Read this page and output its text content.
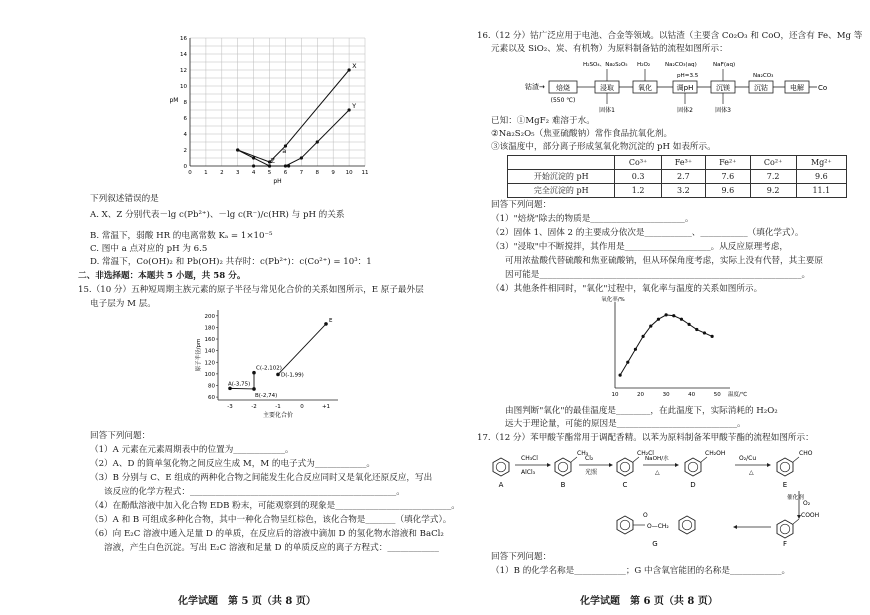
0 1 2 3 4 5 6 7 8 9 10 11
0
2
4
6
8
10
12
14
16
pH
pM
X
Y
Z
a
下列叙述错误的是
A. X、Z 分别代表－lg c(Pb²⁺)、－lg c(R⁻)/c(HR) 与 pH 的关系
B. 常温下，弱酸 HR 的电离常数 Kₐ = 1×10⁻⁵
C. 图中 a 点对应的 pH 为 6.5
D. 常温下，Co(OH)₂ 和 Pb(OH)₂ 共存时：c(Pb²⁺)：c(Co²⁺) = 10³：1
二、非选择题：本题共 5 小题，共 58 分。
15.（10 分）五种短周期主族元素的原子半径与常见化合价的关系如图所示，E 原子最外层
电子层为 M 层。
-3	-2	-1	0	+1
60
80
100
120
140
160
180
200
主要化合价
原子半径/pm
A(-3,75)
B(-2,74)
C(-2,102)
D(-1,99)
E
回答下列问题：
（1）A 元素在元素周期表中的位置为____________。
（2）A、D 的简单氢化物之间反应生成 M，M 的电子式为____________。
（3）B 分别与 C、E 组成的两种化合物之间能发生化合反应同时又是氧化还原反应，写出
该反应的化学方程式：________________________________________________。
（4）在酚酞溶液中加入化合物 EDB 粉末，可能观察到的现象是___________________________。
（5）A 和 B 可组成多种化合物，其中一种化合物呈红棕色，该化合物是_______（填化学式）。
（6）向 E₂C 溶液中通入足量 D 的单质，在反应后的溶液中滴加 D 的氢化物水溶液和 BaCl₂
溶液，产生白色沉淀。写出 E₂C 溶液和足量 D 的单质反应的离子方程式：____________
化学试题　第 5 页（共 8 页）
16.（12 分）钴广泛应用于电池、合金等领域。以钴渣（主要含 Co₂O₃ 和 CoO，还含有 Fe、Mg 等
元素以及 SiO₂、炭、有机物）为原料制备钴的流程如图所示：
钴渣→ 焙烧
(550 ℃)
浸取
H₂SO₄、Na₂S₂O₅
固体1
氧化
H₂O₂
调pH
Na₂CO₃(aq)
pH=3.5
固体2
沉镁
NaF(aq)
固体3
沉钴
Na₂CO₃
电解 Co
已知：①MgF₂ 难溶于水。
②Na₂S₂O₅（焦亚硫酸钠）常作食品抗氧化剂。
③该温度中，部分离子形成氢氧化物沉淀的 pH 如表所示。
	Co³⁺	Fe³⁺	Fe²⁺	Co²⁺	Mg²⁺
开始沉淀的 pH	0.3	2.7	7.6	7.2	9.6
完全沉淀的 pH	1.2	3.2	9.6	9.2	11.1
回答下列问题：
（1）"焙烧"除去的物质是______________________。
（2）固体 1、固体 2 的主要成分依次是___________、___________（填化学式）。
（3）"浸取"中不断搅拌，其作用是____________________。从反应原理考虑，
可用浓盐酸代替硫酸和焦亚硫酸钠，但从环保角度考虑，实际上没有代替，其主要原
因可能是_____________________________________________________________。
（4）其他条件相同时，"氧化"过程中，氧化率与温度的关系如图所示。
10	20	30	40	50 温度/℃
氧化率/%
由图判断"氧化"的最佳温度是________，在此温度下，实际消耗的 H₂O₂
远大于理论量，可能的原因是____________________________。
17.（12 分）苯甲酸苄酯常用于调配香精。以苯为原料制备苯甲酸苄酯的流程如图所示：
A
CH₃Cl
AlCl₃
CH₃
B
Cl₂
光照
CH₂Cl
C
NaOH/水
△
CH₂OH
D
O₂/Cu
△
CHO
E
催化剂
O₂
COOH
F
O
O—CH₂
G
回答下列问题：
（1）B 的化学名称是____________；G 中含氧官能团的名称是____________。
化学试题　第 6 页（共 8 页）
